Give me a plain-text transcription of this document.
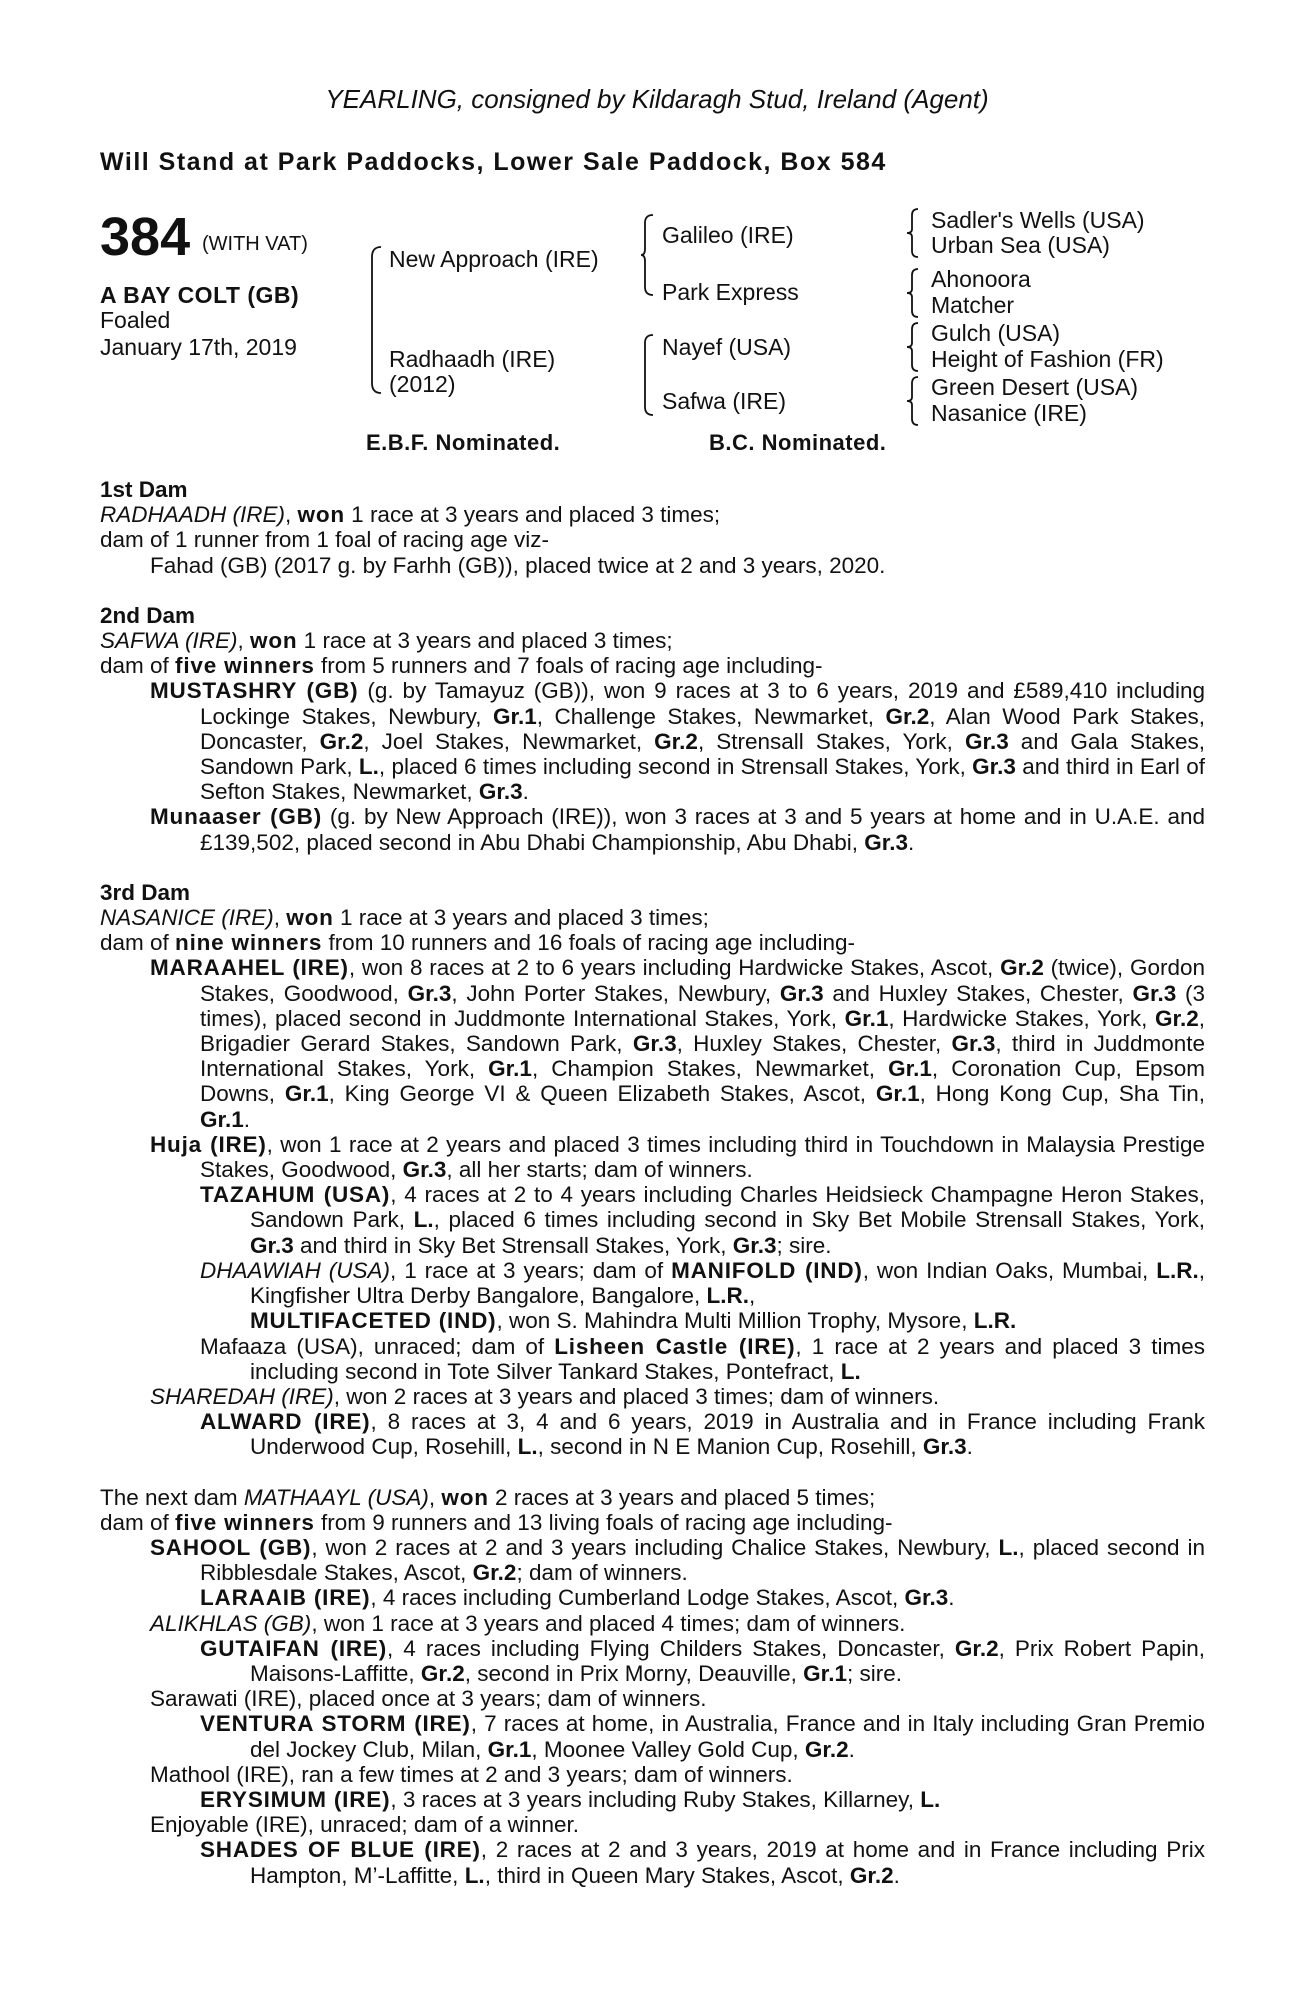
YEARLING, consigned by Kildaragh Stud, Ireland (Agent)
Will Stand at Park Paddocks, Lower Sale Paddock, Box 584
384 (WITH VAT)
A BAY COLT (GB)
Foaled
January 17th, 2019
New Approach (IRE)
Radhaadh (IRE)
(2012)
Galileo (IRE)
Park Express
Nayef (USA)
Safwa (IRE)
Sadler's Wells (USA)
Urban Sea (USA)
Ahonoora
Matcher
Gulch (USA)
Height of Fashion (FR)
Green Desert (USA)
Nasanice (IRE)
E.B.F. Nominated.	B.C. Nominated.
1st Dam
RADHAADH (IRE), won 1 race at 3 years and placed 3 times;
dam of 1 runner from 1 foal of racing age viz-
Fahad (GB) (2017 g. by Farhh (GB)), placed twice at 2 and 3 years, 2020.
2nd Dam
SAFWA (IRE), won 1 race at 3 years and placed 3 times;
dam of five winners from 5 runners and 7 foals of racing age including-
MUSTASHRY (GB) (g. by Tamayuz (GB)), won 9 races at 3 to 6 years, 2019 and £589,410 including Lockinge Stakes, Newbury, Gr.1, Challenge Stakes, Newmarket, Gr.2, Alan Wood Park Stakes, Doncaster, Gr.2, Joel Stakes, Newmarket, Gr.2, Strensall Stakes, York, Gr.3 and Gala Stakes, Sandown Park, L., placed 6 times including second in Strensall Stakes, York, Gr.3 and third in Earl of Sefton Stakes, Newmarket, Gr.3.
Munaaser (GB) (g. by New Approach (IRE)), won 3 races at 3 and 5 years at home and in U.A.E. and £139,502, placed second in Abu Dhabi Championship, Abu Dhabi, Gr.3.
3rd Dam
NASANICE (IRE), won 1 race at 3 years and placed 3 times;
dam of nine winners from 10 runners and 16 foals of racing age including-
MARAAHEL (IRE), won 8 races at 2 to 6 years including Hardwicke Stakes, Ascot, Gr.2 (twice), Gordon Stakes, Goodwood, Gr.3, John Porter Stakes, Newbury, Gr.3 and Huxley Stakes, Chester, Gr.3 (3 times), placed second in Juddmonte International Stakes, York, Gr.1, Hardwicke Stakes, York, Gr.2, Brigadier Gerard Stakes, Sandown Park, Gr.3, Huxley Stakes, Chester, Gr.3, third in Juddmonte International Stakes, York, Gr.1, Champion Stakes, Newmarket, Gr.1, Coronation Cup, Epsom Downs, Gr.1, King George VI & Queen Elizabeth Stakes, Ascot, Gr.1, Hong Kong Cup, Sha Tin, Gr.1.
Huja (IRE), won 1 race at 2 years and placed 3 times including third in Touchdown in Malaysia Prestige Stakes, Goodwood, Gr.3, all her starts; dam of winners.
TAZAHUM (USA), 4 races at 2 to 4 years including Charles Heidsieck Champagne Heron Stakes, Sandown Park, L., placed 6 times including second in Sky Bet Mobile Strensall Stakes, York, Gr.3 and third in Sky Bet Strensall Stakes, York, Gr.3; sire.
DHAAWIAH (USA), 1 race at 3 years; dam of MANIFOLD (IND), won Indian Oaks, Mumbai, L.R., Kingfisher Ultra Derby Bangalore, Bangalore, L.R.,
MULTIFACETED (IND), won S. Mahindra Multi Million Trophy, Mysore, L.R.
Mafaaza (USA), unraced; dam of Lisheen Castle (IRE), 1 race at 2 years and placed 3 times including second in Tote Silver Tankard Stakes, Pontefract, L.
SHAREDAH (IRE), won 2 races at 3 years and placed 3 times; dam of winners.
ALWARD (IRE), 8 races at 3, 4 and 6 years, 2019 in Australia and in France including Frank Underwood Cup, Rosehill, L., second in N E Manion Cup, Rosehill, Gr.3.
The next dam MATHAAYL (USA), won 2 races at 3 years and placed 5 times;
dam of five winners from 9 runners and 13 living foals of racing age including-
SAHOOL (GB), won 2 races at 2 and 3 years including Chalice Stakes, Newbury, L., placed second in Ribblesdale Stakes, Ascot, Gr.2; dam of winners.
LARAAIB (IRE), 4 races including Cumberland Lodge Stakes, Ascot, Gr.3.
ALIKHLAS (GB), won 1 race at 3 years and placed 4 times; dam of winners.
GUTAIFAN (IRE), 4 races including Flying Childers Stakes, Doncaster, Gr.2, Prix Robert Papin, Maisons-Laffitte, Gr.2, second in Prix Morny, Deauville, Gr.1; sire.
Sarawati (IRE), placed once at 3 years; dam of winners.
VENTURA STORM (IRE), 7 races at home, in Australia, France and in Italy including Gran Premio del Jockey Club, Milan, Gr.1, Moonee Valley Gold Cup, Gr.2.
Mathool (IRE), ran a few times at 2 and 3 years; dam of winners.
ERYSIMUM (IRE), 3 races at 3 years including Ruby Stakes, Killarney, L.
Enjoyable (IRE), unraced; dam of a winner.
SHADES OF BLUE (IRE), 2 races at 2 and 3 years, 2019 at home and in France including Prix Hampton, M’-Laffitte, L., third in Queen Mary Stakes, Ascot, Gr.2.
